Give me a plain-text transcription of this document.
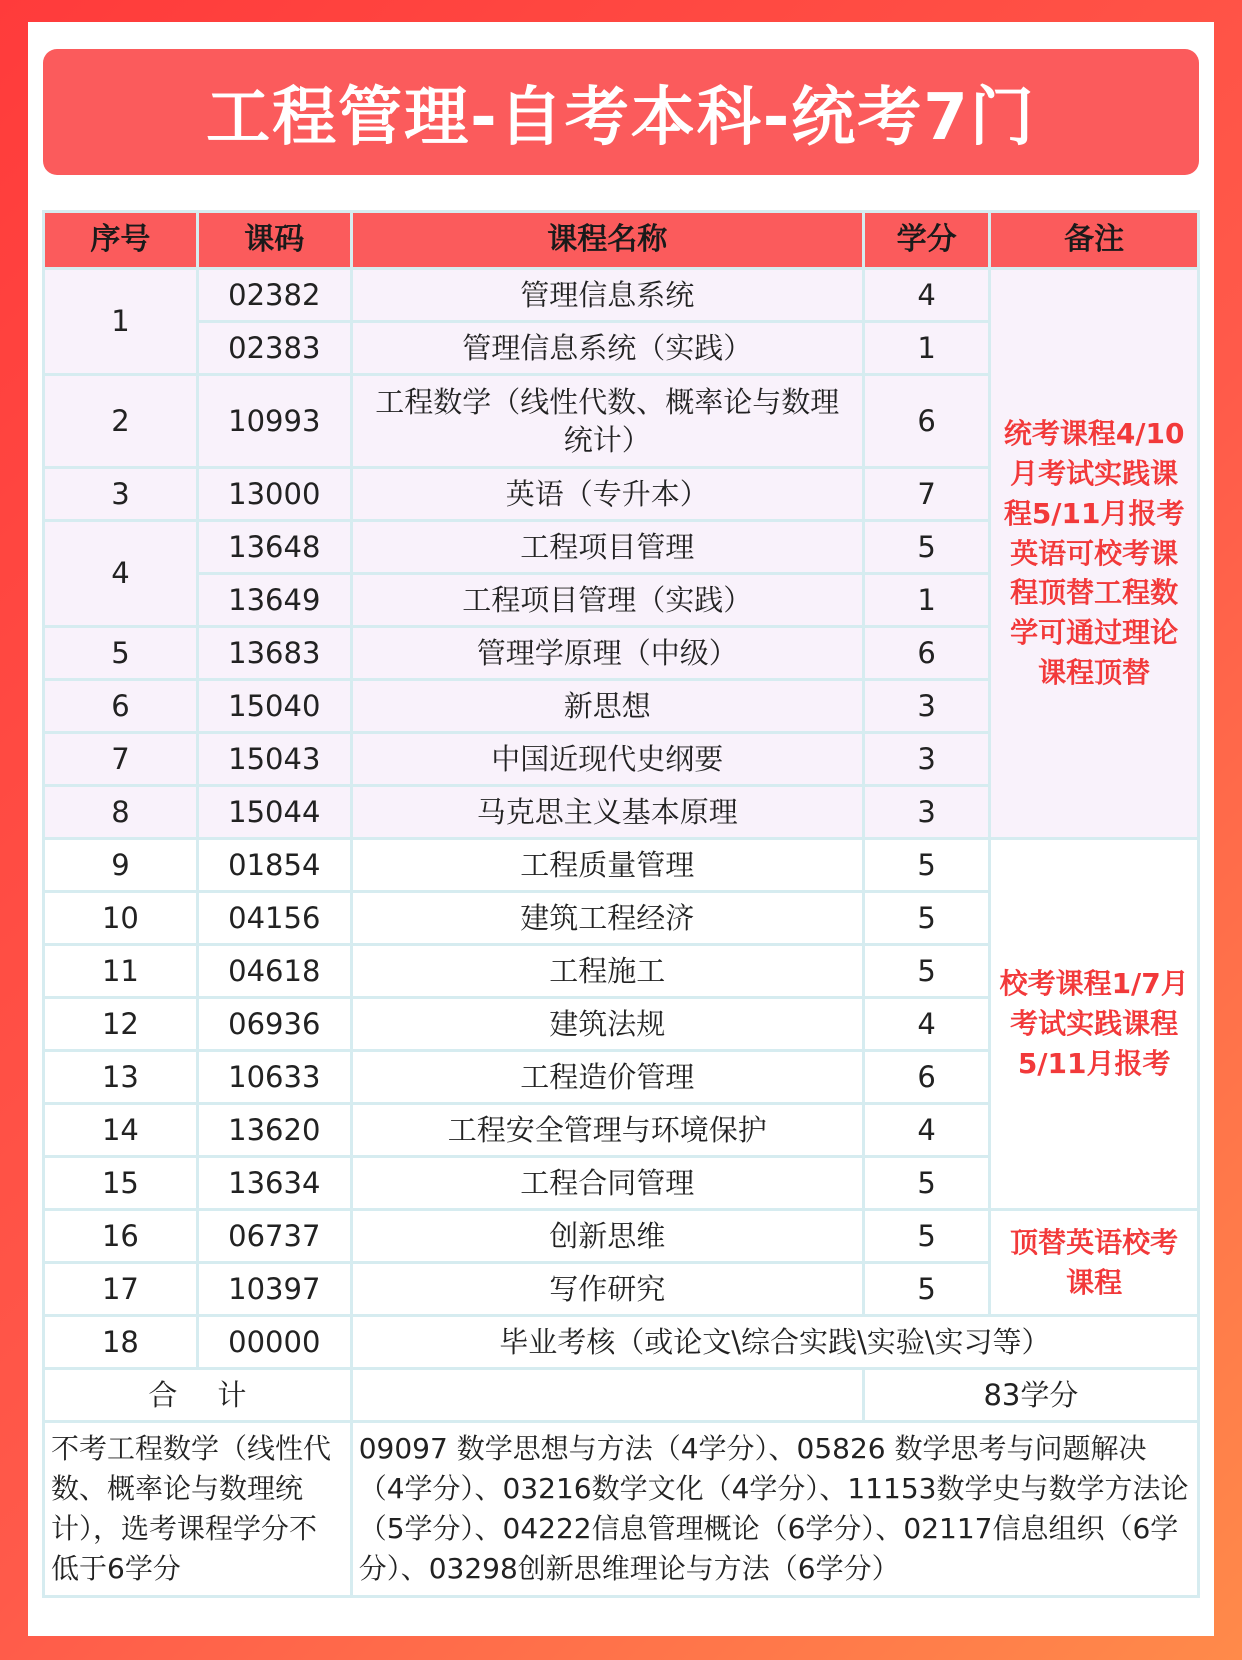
工程管理-自考本科-统考7门
序号	课码	课程名称	学分	备注
1	02382	管理信息系统	4	统考课程4/10月考试实践课程5/11月报考英语可校考课程顶替工程数学可通过理论课程顶替
	02383	管理信息系统（实践）	1	
2	10993	工程数学（线性代数、概率论与数理统计）	6	
3	13000	英语（专升本）	7	
4	13648	工程项目管理	5	
	13649	工程项目管理（实践）	1	
5	13683	管理学原理（中级）	6	
6	15040	新思想	3	
7	15043	中国近现代史纲要	3	
8	15044	马克思主义基本原理	3	
9	01854	工程质量管理	5	校考课程1/7月考试实践课程5/11月报考
10	04156	建筑工程经济	5	
11	04618	工程施工	5	
12	06936	建筑法规	4	
13	10633	工程造价管理	6	
14	13620	工程安全管理与环境保护	4	
15	13634	工程合同管理	5	
16	06737	创新思维	5	顶替英语校考课程
17	10397	写作研究	5	
18	00000	毕业考核（或论文\综合实践\实验\实习等）		
合计			83学分	
不考工程数学（线性代数、概率论与数理统计），选考课程学分不低于6学分		09097 数学思想与方法（4学分）、05826 数学思考与问题解决（4学分）、03216数学文化（4学分）、11153数学史与数学方法论（5学分）、04222信息管理概论（6学分）、02117信息组织（6学分）、03298创新思维理论与方法（6学分）		
